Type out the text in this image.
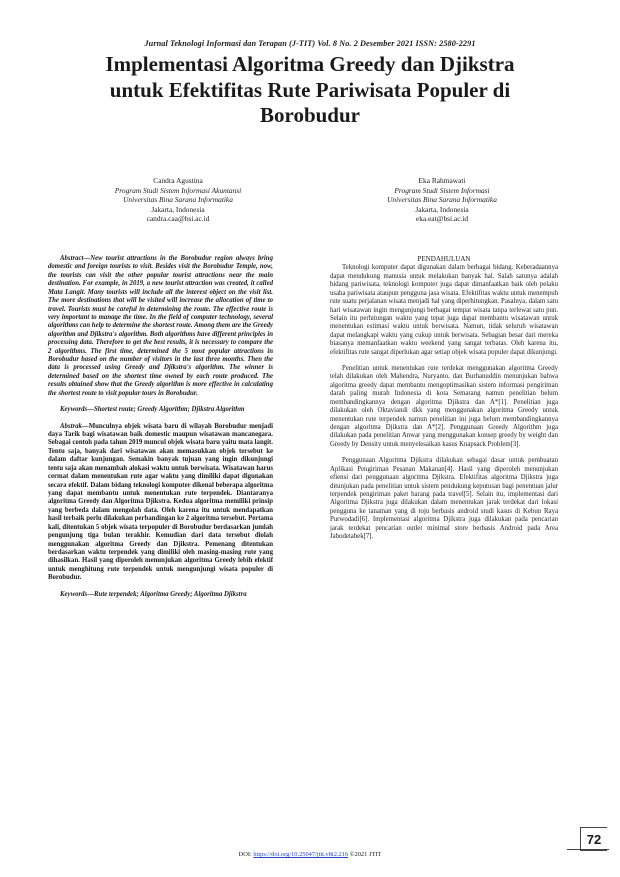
Jurnal Teknologi Informasi dan Terapan (J-TIT) Vol. 8 No. 2 Desember 2021 ISSN: 2580-2291
Implementasi Algoritma Greedy dan Djikstra
untuk Efektifitas Rute Pariwisata Populer di
Borobudur
Candra Agustina
Program Studi Sistem Informasi Akuntansi
Universitas Bina Sarana Informatika
Jakarta, Indonesia
candra.caa@bsi.ac.id
Eka Rahmawati
Program Studi Sistem Informasi
Universitas Bina Sarana Informatika
Jakarta, Indonesia
eka.eat@bsi.ac.id

Abstract—New tourist attractions in the Borobudur region always bring domestic and foreign tourists to visit. Besides visit the Borobudur Temple, now, the tourists can visit the other popular tourist attractions near the main destination. For example, in 2019, a new tourist attraction was created, it called Mata Langit. Many tourists will include all the interest object on the visit list. The more destinations that will be visited will increase the allocation of time to travel. Tourists must be careful in determining the route. The effective route is very important to manage the time. In the field of computer technology, several algorithms can help to determine the shortest route. Among them are the Greedy algorithm and Djikstra's algorithm. Both algorithms have different principles in processing data. Therefore to get the best results, it is necessary to compare the 2 algorithms. The first time, determined the 5 most popular attractions in Borobudur based on the number of visitors in the last three months. Then the data is processed using Greedy and Djikstra's algorithm. The winner is determined based on the shortest time owned by each route produced. The results obtained show that the Greedy algorithm is more effective in calculating the shortest route to visit popular tours in Borobudur.

Keywords—Shortest route; Greedy Algorithm; Djikstra Algorithm

Abstrak—Munculnya objek wisata baru di wilayah Borobudur menjadi daya Tarik bagi wisatawan baik domestic maupun wisatawan mancanegara. Sebagai contoh pada tahun 2019 muncul objek wisata baru yaitu mata langit. Tentu saja, banyak dari wisatawan akan memasukkan objek tersebut ke dalam daftar kunjungan. Semakin banyak tujuan yang ingin dikunjungi tentu saja akan menambah alokasi waktu untuk berwisata. Wisatawan harus cermat dalam menentukan rute agar waktu yang dimiliki dapat digunakan secara efektif. Dalam bidang teknologi komputer dikenal beberapa algoritma yang dapat membantu untuk menentukan rute terpendek. Diantaranya algoritma Greedy dan Algoritma Djikstra. Kedua algoritma memiliki prinsip yang berbeda dalam mengolah data. Oleh karena itu untuk mendapatkan hasil terbaik perlu dilakukan perbandingan ke 2 algoritma tersebut. Pertama kali, ditentukan 5 objek wisata terpopuler di Borobudur berdasarkan jumlah pengunjung tiga bulan terakhir. Kemudian dari data tersebut diolah menggunakan algoritma Greedy dan Djikstra. Pemenang ditentukan berdasarkan waktu terpendek yang dimiliki oleh masing-masing rute yang dihasilkan. Hasil yang diperoleh menunjukan algoritma Greedy lebih efektif untuk menghitung rute terpendek untuk mengunjungi wisata populer di Borobudur.

Keywords—Rute terpendek; Algoritma Greedy; Algoritma Djikstra

PENDAHULUAN

Teknologi komputer dapat digunakan dalam berbagai bidang. Keberadaannya dapat mendukung manusia untuk melakukan banyak hal. Salah satunya adalah bidang pariwisata, teknologi komputer juga dapat dimanfaatkan baik oleh pelaku usaha pariwisata ataupun pengguna jasa wisata. Efektifitas waktu untuk menempuh rute suatu perjalanan wisata menjadi hal yang diperhitungkan. Pasalnya, dalam satu hari wisatawan ingin mengunjungi berbagai tempat wisata tanpa terlewat satu pun. Selain itu perhitungan waktu yang tepat juga dapat membantu wisatawan untuk menentukan estimasi waktu untuk berwisata. Namun, tidak seluruh wisatawan dapat melangkapi waktu yang cukup untuk berwisata. Sebagian besar dari mereka biasanya memanfaatkan waktu weekend yang sangat terbatas. Oleh karena itu, efektifitas rute sangat diperlukan agar setiap objek wisata populer dapat dikunjungi.

Penelitian untuk menentukan rute terdekat menggunakan algoritma Greedy telah dilakukan oleh Mahendra, Nuryanto, dan Burhanuddin menunjukan bahwa algoritma greedy dapat membantu mengoptimasikan sistem informasi pengiriman darah paling murah Indonesia di kota Semarang namun penelitian belum membandingkannya dengan algoritma Djikstra dan A*[1]. Penelitian juga dilakukan oleh Oktaviandi dkk yang menggunakan algoritma Greedy untuk menentukan rute terpendek namun penelitian ini juga belum membandingkannya dengan algoritma Djikstra dan A*[2]. Penggunaan Greedy Algorithm juga dilakukan pada penelitian Anwar yang menggunakan konsep greedy by weight dan Greedy by Density untuk menyelesaikan kasus Knapsack Problem[3].

Penggunaan Algoritma Djikstra dilakukan sebagai dasar untuk pembuatan Aplikasi Pengiriman Pesanan Makanan[4]. Hasil yang diperoleh menunjukan efiensi dari penggunaan algoritma Djikstra. Efektifitas algoritma Djikstra juga ditunjukan pada penelitian untuk sistem pendukung keputusan bagi penentuan jalur terpendek pengiriman paket barang pada travel[5]. Selain itu, implementasi dari Algoritma Djikstra juga dilakukan dalam menentukan jarak terdekat dari lokasi pengguna ke tanaman yang di toju berbasis android studi kasus di Kebun Raya Purwodadi[6]. Implementasi algoritma Djikstra juga dilakukan pada pencarian jarak terdekat pencarian outlet minimal store berbasis Android pada Area Jabodetabek[7].

DOI: https://doi.org/10.25047/jtit.v8i2.216 ©2021 JTIT
72
